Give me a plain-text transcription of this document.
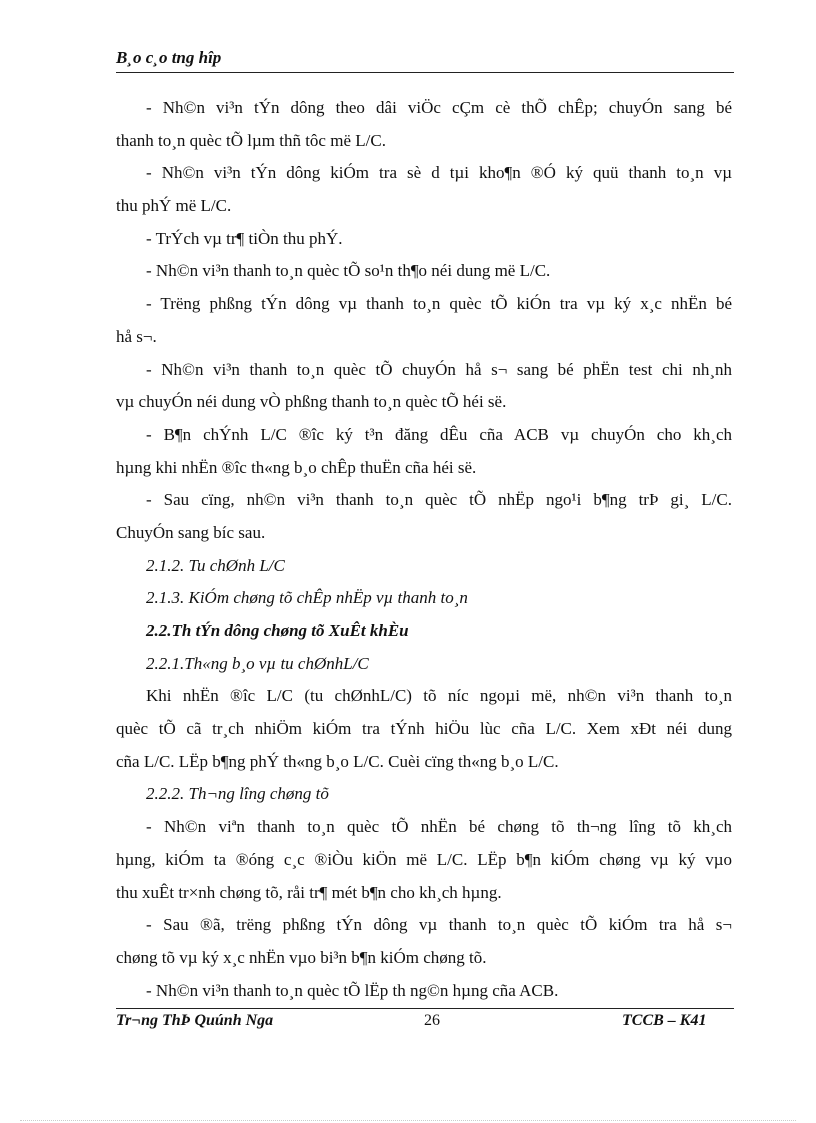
B¸o c¸o tng hîp
- Nh©n vi³n tÝn dông theo dâi viÖc cÇm cè thÕ chÊp; chuyÓn sang bé
thanh to¸n quèc tÕ lµm thñ tôc më L/C.
- Nh©n vi³n tÝn dông kiÓm tra sè d tµi kho¶n ®Ó ký quü thanh to¸n vµ
thu phÝ më L/C.
- TrÝch vµ tr¶ tiÒn thu phÝ.
- Nh©n vi³n thanh to¸n quèc tÕ so¹n th¶o néi dung më L/C.
- Trëng phßng tÝn dông vµ thanh to¸n quèc tÕ kiÓn tra vµ ký x¸c nhËn bé
hå s¬.
- Nh©n vi³n thanh to¸n quèc tÕ chuyÓn hå s¬ sang bé phËn test chi nh¸nh
vµ chuyÓn néi dung vÒ phßng thanh to¸n quèc tÕ héi së.
- B¶n chÝnh L/C ®îc ký t³n đăng dÊu cña ACB vµ chuyÓn cho kh¸ch
hµng khi nhËn ®îc th«ng b¸o chÊp thuËn cña héi së.
- Sau cïng, nh©n vi³n thanh to¸n quèc tÕ nhËp ngo¹i b¶ng trÞ gi¸ L/C.
ChuyÓn sang bíc sau.
2.1.2. Tu chØnh L/C
2.1.3. KiÓm chøng tõ chÊp nhËp vµ thanh to¸n
2.2.Th tÝn dông chøng tõ XuÊt khÈu
2.2.1.Th«ng b¸o vµ tu chØnhL/C
Khi nhËn ®îc L/C (tu chØnhL/C) tõ níc ngoµi më, nh©n vi³n thanh to¸n
quèc tÕ cã tr¸ch nhiÖm kiÓm tra tÝnh hiÖu lùc cña L/C. Xem xÐt néi dung
cña L/C. LËp b¶ng phÝ th«ng b¸o L/C. Cuèi cïng th«ng b¸o L/C.
2.2.2. Th¬ng lîng chøng tõ
- Nh©n viªn thanh to¸n quèc tÕ nhËn bé chøng tõ th¬ng lîng tõ kh¸ch
hµng, kiÓm ta ®óng c¸c ®iÒu kiÖn më L/C. LËp b¶n kiÓm chøng vµ ký vµo
thu xuÊt tr×nh chøng tõ, råi tr¶ mét b¶n cho kh¸ch hµng.
- Sau ®ã, trëng phßng tÝn dông vµ thanh to¸n quèc tÕ kiÓm tra hå s¬
chøng tõ vµ ký x¸c nhËn vµo bi³n b¶n kiÓm chøng tõ.
- Nh©n vi³n thanh to¸n quèc tÕ lËp th ng©n hµng cña ACB.
Tr¬ng ThÞ Quúnh Nga	26	TCCB – K41
